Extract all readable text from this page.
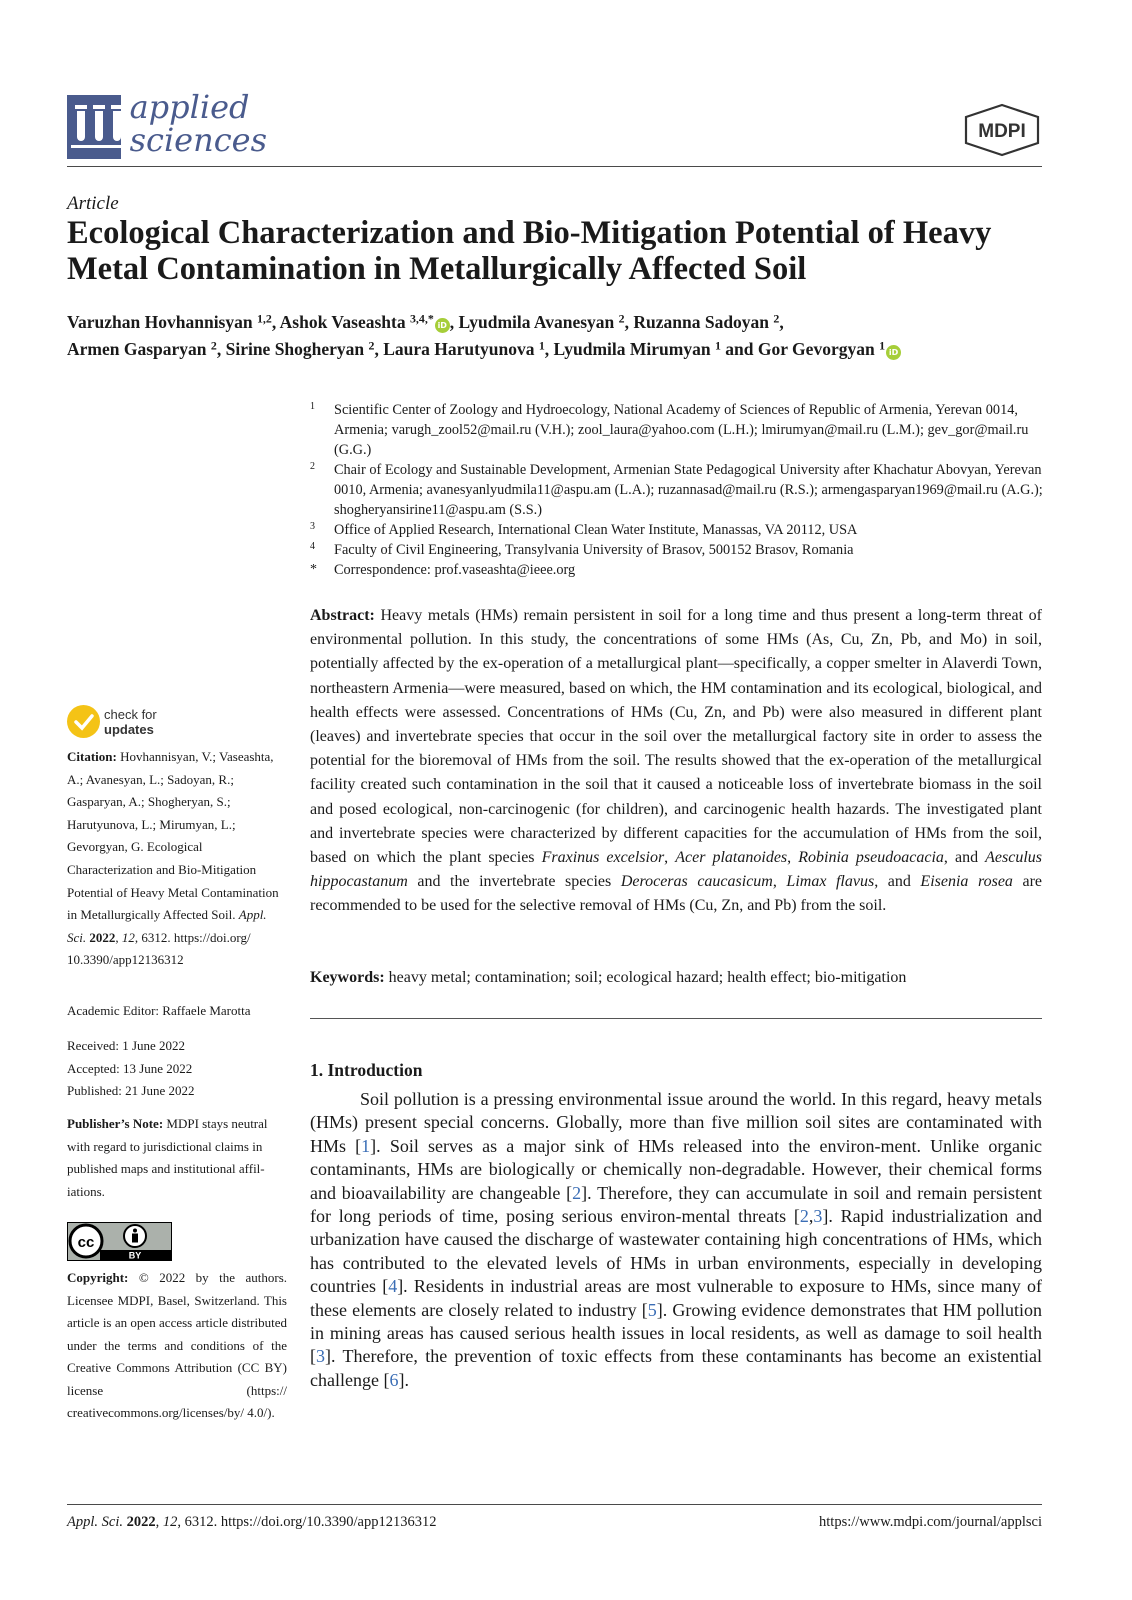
applied
sciences	MDPI
Article
Ecological Characterization and Bio-Mitigation Potential of Heavy Metal Contamination in Metallurgically Affected Soil
Varuzhan Hovhannisyan $^{1,2}$, Ashok Vaseashta $^{3,4,*}$ iD , Lyudmila Avanesyan $^2$, Ruzanna Sadoyan $^2$,
Armen Gasparyan $^2$, Sirine Shogheryan $^2$, Laura Harutyunova $^1$, Lyudmila Mirumyan $^1$ and Gor Gevorgyan $^1$ iD
1 Scientific Center of Zoology and Hydroecology, National Academy of Sciences of Republic of Armenia, Yerevan 0014, Armenia; varugh_zool52@mail.ru (V.H.); zool_laura@yahoo.com (L.H.); lmirumyan@mail.ru (L.M.); gev_gor@mail.ru (G.G.)
2 Chair of Ecology and Sustainable Development, Armenian State Pedagogical University after Khachatur Abovyan, Yerevan 0010, Armenia; avanesyanlyudmila11@aspu.am (L.A.); ruzannasad@mail.ru (R.S.); armengasparyan1969@mail.ru (A.G.); shogheryansirine11@aspu.am (S.S.)
3 Office of Applied Research, International Clean Water Institute, Manassas, VA 20112, USA
4 Faculty of Civil Engineering, Transylvania University of Brasov, 500152 Brasov, Romania
* Correspondence: prof.vaseashta@ieee.org
Abstract: Heavy metals (HMs) remain persistent in soil for a long time and thus present a long-term threat of environmental pollution. In this study, the concentrations of some HMs (As, Cu, Zn, Pb, and Mo) in soil, potentially affected by the ex-operation of a metallurgical plant—specifically, a copper smelter in Alaverdi Town, northeastern Armenia—were measured, based on which, the HM contamination and its ecological, biological, and health effects were assessed. Concentrations of HMs (Cu, Zn, and Pb) were also measured in different plant (leaves) and invertebrate species that occur in the soil over the metallurgical factory site in order to assess the potential for the bioremoval of HMs from the soil. The results showed that the ex-operation of the metallurgical facility created such contamination in the soil that it caused a noticeable loss of invertebrate biomass in the soil and posed ecological, non-carcinogenic (for children), and carcinogenic health hazards. The investigated plant and invertebrate species were characterized by different capacities for the accumulation of HMs from the soil, based on which the plant species Fraxinus excelsior, Acer platanoides, Robinia pseudoacacia, and Aesculus hippocastanum and the invertebrate species Deroceras caucasicum, Limax flavus, and Eisenia rosea are recommended to be used for the selective removal of HMs (Cu, Zn, and Pb) from the soil.
Keywords: heavy metal; contamination; soil; ecological hazard; health effect; bio-mitigation
1. Introduction
Soil pollution is a pressing environmental issue around the world. In this regard, heavy metals (HMs) present special concerns. Globally, more than five million soil sites are contaminated with HMs [1]. Soil serves as a major sink of HMs released into the environ-ment. Unlike organic contaminants, HMs are biologically or chemically non-degradable. However, their chemical forms and bioavailability are changeable [2]. Therefore, they can accumulate in soil and remain persistent for long periods of time, posing serious environ-mental threats [2,3]. Rapid industrialization and urbanization have caused the discharge of wastewater containing high concentrations of HMs, which has contributed to the elevated levels of HMs in urban environments, especially in developing countries [4]. Residents in industrial areas are most vulnerable to exposure to HMs, since many of these elements are closely related to industry [5]. Growing evidence demonstrates that HM pollution in mining areas has caused serious health issues in local residents, as well as damage to soil health [3]. Therefore, the prevention of toxic effects from these contaminants has become an existential challenge [6].
check for
updates
Citation: Hovhannisyan, V.; Vaseashta, A.; Avanesyan, L.; Sadoyan, R.; Gasparyan, A.; Shogheryan, S.; Harutyunova, L.; Mirumyan, L.; Gevorgyan, G. Ecological Characterization and Bio-Mitigation Potential of Heavy Metal Contamination in Metallurgically Affected Soil. Appl. Sci. 2022, 12, 6312. https://doi.org/ 10.3390/app12136312
Academic Editor: Raffaele Marotta
Received: 1 June 2022
Accepted: 13 June 2022
Published: 21 June 2022
Publisher’s Note: MDPI stays neutral with regard to jurisdictional claims in published maps and institutional affil-iations.
BY
cc
Copyright: © 2022 by the authors. Licensee MDPI, Basel, Switzerland. This article is an open access article distributed under the terms and conditions of the Creative Commons Attribution (CC BY) license (https:// creativecommons.org/licenses/by/ 4.0/).
Appl. Sci. 2022, 12, 6312. https://doi.org/10.3390/app12136312	https://www.mdpi.com/journal/applsci
